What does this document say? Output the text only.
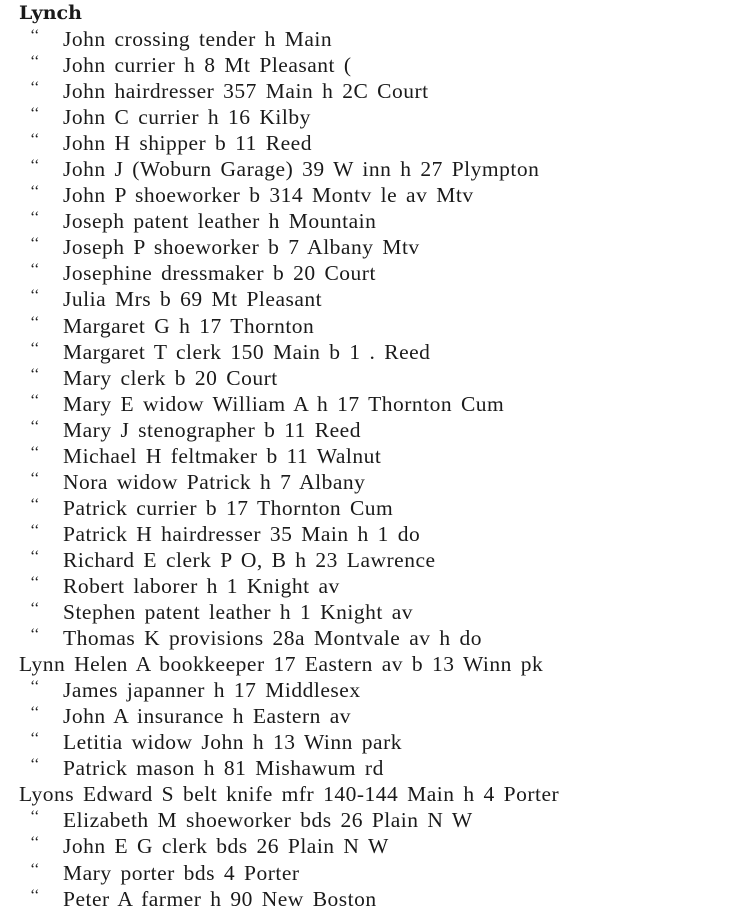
Lynch
‘‘ John crossing tender h Main
‘‘ John currier h 8 Mt Pleasant (
‘‘ John hairdresser 357 Main h 2C Court
‘‘ John C currier h 16 Kilby
‘‘ John H shipper b 11 Reed
‘‘ John J (Woburn Garage) 39 W inn h 27 Plympton
‘‘ John P shoeworker b 314 Montv le av Mtv
‘‘ Joseph patent leather h Mountain
‘‘ Joseph P shoeworker b 7 Albany Mtv
‘‘ Josephine dressmaker b 20 Court
‘‘ Julia Mrs b 69 Mt Pleasant
‘‘ Margaret G h 17 Thornton
‘‘ Margaret T clerk 150 Main b 1 . Reed
‘‘ Mary clerk b 20 Court
‘‘ Mary E widow William A h 17 Thornton Cum
‘‘ Mary J stenographer b 11 Reed
‘‘ Michael H feltmaker b 11 Walnut
‘‘ Nora widow Patrick h 7 Albany
‘‘ Patrick currier b 17 Thornton Cum
‘‘ Patrick H hairdresser 35 Main h 1 do
‘‘ Richard E clerk P O, B h 23 Lawrence
‘‘ Robert laborer h 1 Knight av
‘‘ Stephen patent leather h 1 Knight av
‘‘ Thomas K provisions 28a Montvale av h do
Lynn Helen A bookkeeper 17 Eastern av b 13 Winn pk
‘‘ James japanner h 17 Middlesex
‘‘ John A insurance h Eastern av
‘‘ Letitia widow John h 13 Winn park
‘‘ Patrick mason h 81 Mishawum rd
Lyons Edward S belt knife mfr 140-144 Main h 4 Porter
‘‘ Elizabeth M shoeworker bds 26 Plain N W
‘‘ John E G clerk bds 26 Plain N W
‘‘ Mary porter bds 4 Porter
‘‘ Peter A farmer h 90 New Boston
